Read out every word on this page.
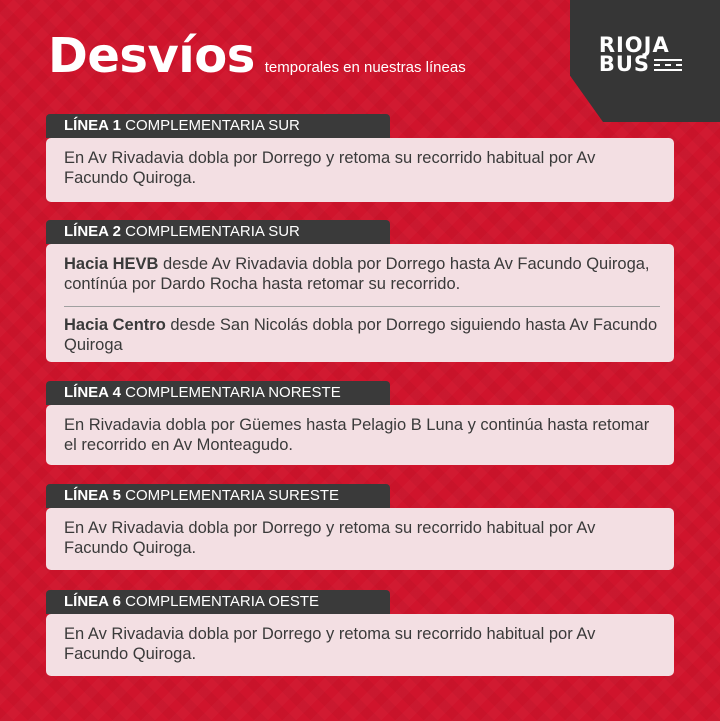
RIOJA
BUS
Desvíos temporales en nuestras líneas
LÍNEA 1 COMPLEMENTARIA SUR

En Av Rivadavia dobla por Dorrego y retoma su recorrido habitual por Av Facundo Quiroga.

LÍNEA 2 COMPLEMENTARIA SUR

Hacia HEVB desde Av Rivadavia dobla por Dorrego hasta Av Facundo Quiroga, contínúa por Dardo Rocha hasta retomar su recorrido.

Hacia Centro desde San Nicolás dobla por Dorrego siguiendo hasta Av Facundo Quiroga

LÍNEA 4 COMPLEMENTARIA NORESTE

En Rivadavia dobla por Güemes hasta Pelagio B Luna y continúa hasta retomar el recorrido en Av Monteagudo.

LÍNEA 5 COMPLEMENTARIA SURESTE

En Av Rivadavia dobla por Dorrego y retoma su recorrido habitual por Av Facundo Quiroga.

LÍNEA 6 COMPLEMENTARIA OESTE

En Av Rivadavia dobla por Dorrego y retoma su recorrido habitual por Av Facundo Quiroga.
